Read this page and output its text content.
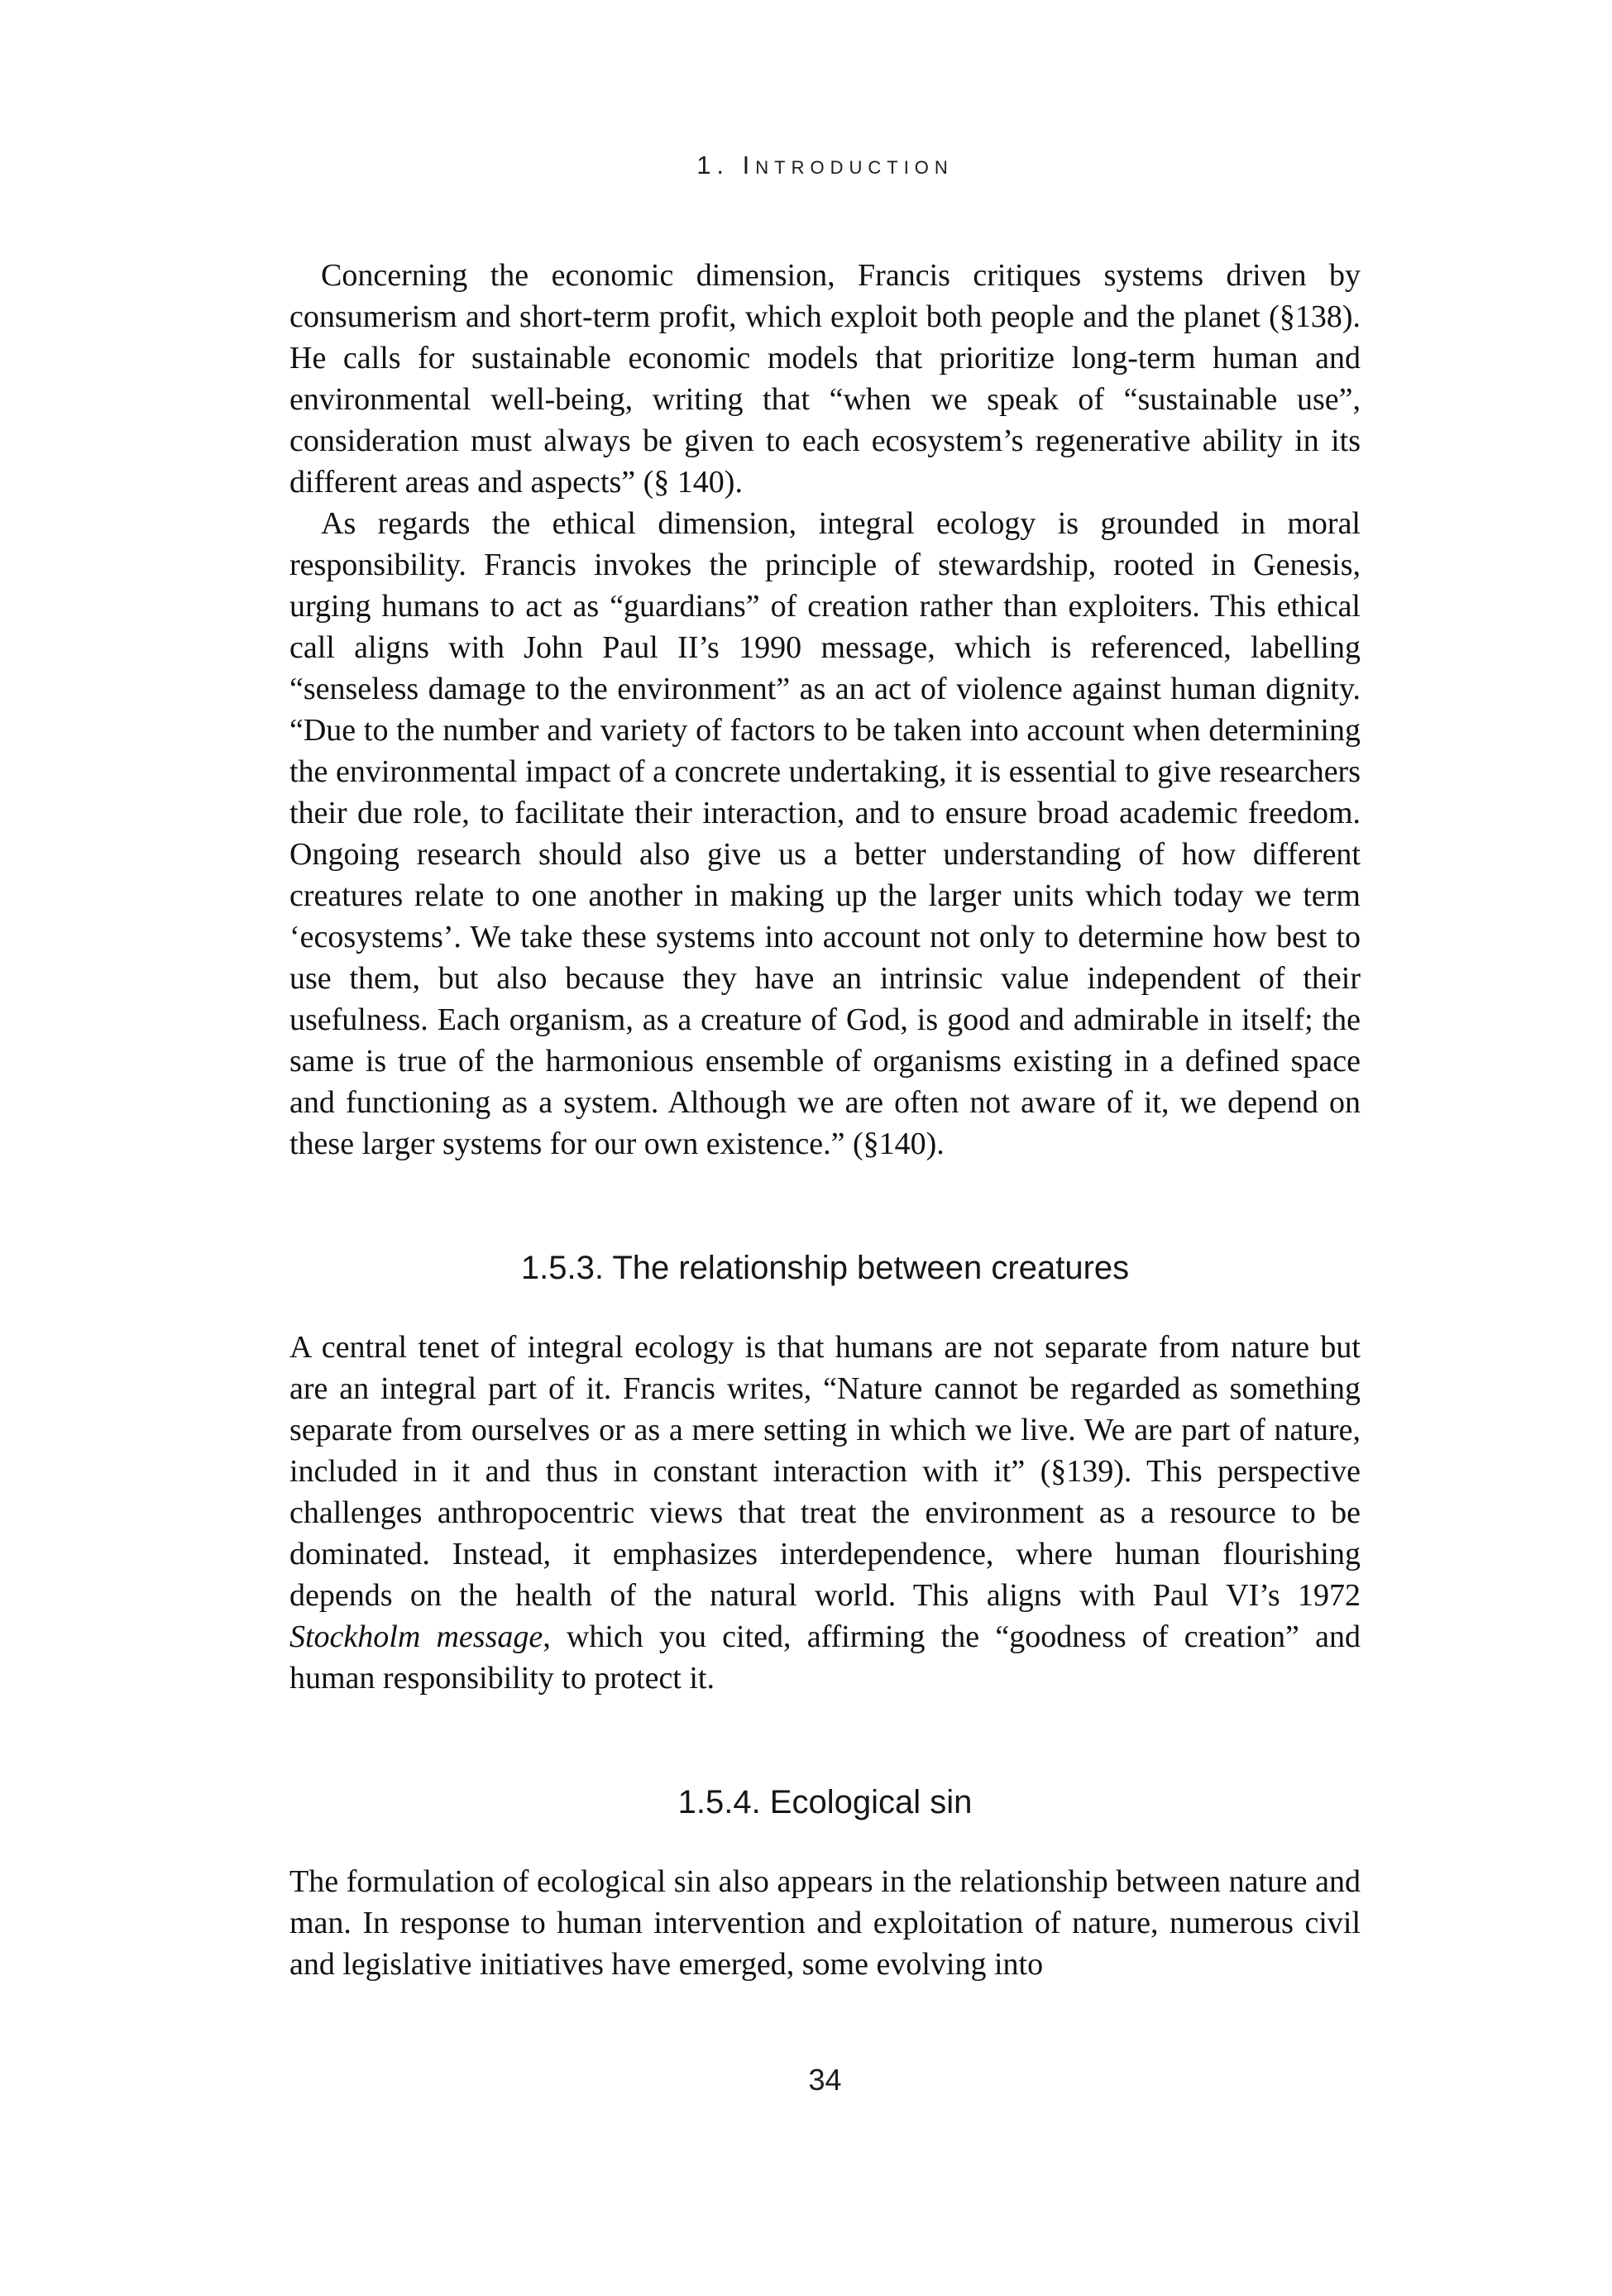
1. Introduction

Concerning the economic dimension, Francis critiques systems driven by consumerism and short-term profit, which exploit both people and the planet (§138). He calls for sustainable economic models that prioritize long-term human and environmental well-being, writing that “when we speak of “sustainable use”, consideration must always be given to each ecosystem’s regenerative ability in its different areas and aspects” (§ 140).

As regards the ethical dimension, integral ecology is grounded in moral responsibility. Francis invokes the principle of stewardship, rooted in Genesis, urging humans to act as “guardians” of creation rather than exploiters. This ethical call aligns with John Paul II’s 1990 message, which is referenced, labelling “senseless damage to the environment” as an act of violence against human dignity. “Due to the number and variety of factors to be taken into account when determining the environmental impact of a concrete undertaking, it is essential to give researchers their due role, to facilitate their interaction, and to ensure broad academic freedom. Ongoing research should also give us a better understanding of how different creatures relate to one another in making up the larger units which today we term ‘ecosystems’. We take these systems into account not only to determine how best to use them, but also because they have an intrinsic value independent of their usefulness. Each organism, as a creature of God, is good and admirable in itself; the same is true of the harmonious ensemble of organisms existing in a defined space and functioning as a system. Although we are often not aware of it, we depend on these larger systems for our own existence.” (§140).

1.5.3. The relationship between creatures

A central tenet of integral ecology is that humans are not separate from nature but are an integral part of it. Francis writes, “Nature cannot be regarded as something separate from ourselves or as a mere setting in which we live. We are part of nature, included in it and thus in constant interaction with it” (§139). This perspective challenges anthropocentric views that treat the environment as a resource to be dominated. Instead, it emphasizes interdependence, where human flourishing depends on the health of the natural world. This aligns with Paul VI’s 1972 Stockholm message, which you cited, affirming the “goodness of creation” and human responsibility to protect it.

1.5.4. Ecological sin

The formulation of ecological sin also appears in the relationship between nature and man. In response to human intervention and exploitation of nature, numerous civil and legislative initiatives have emerged, some evolving into

34
